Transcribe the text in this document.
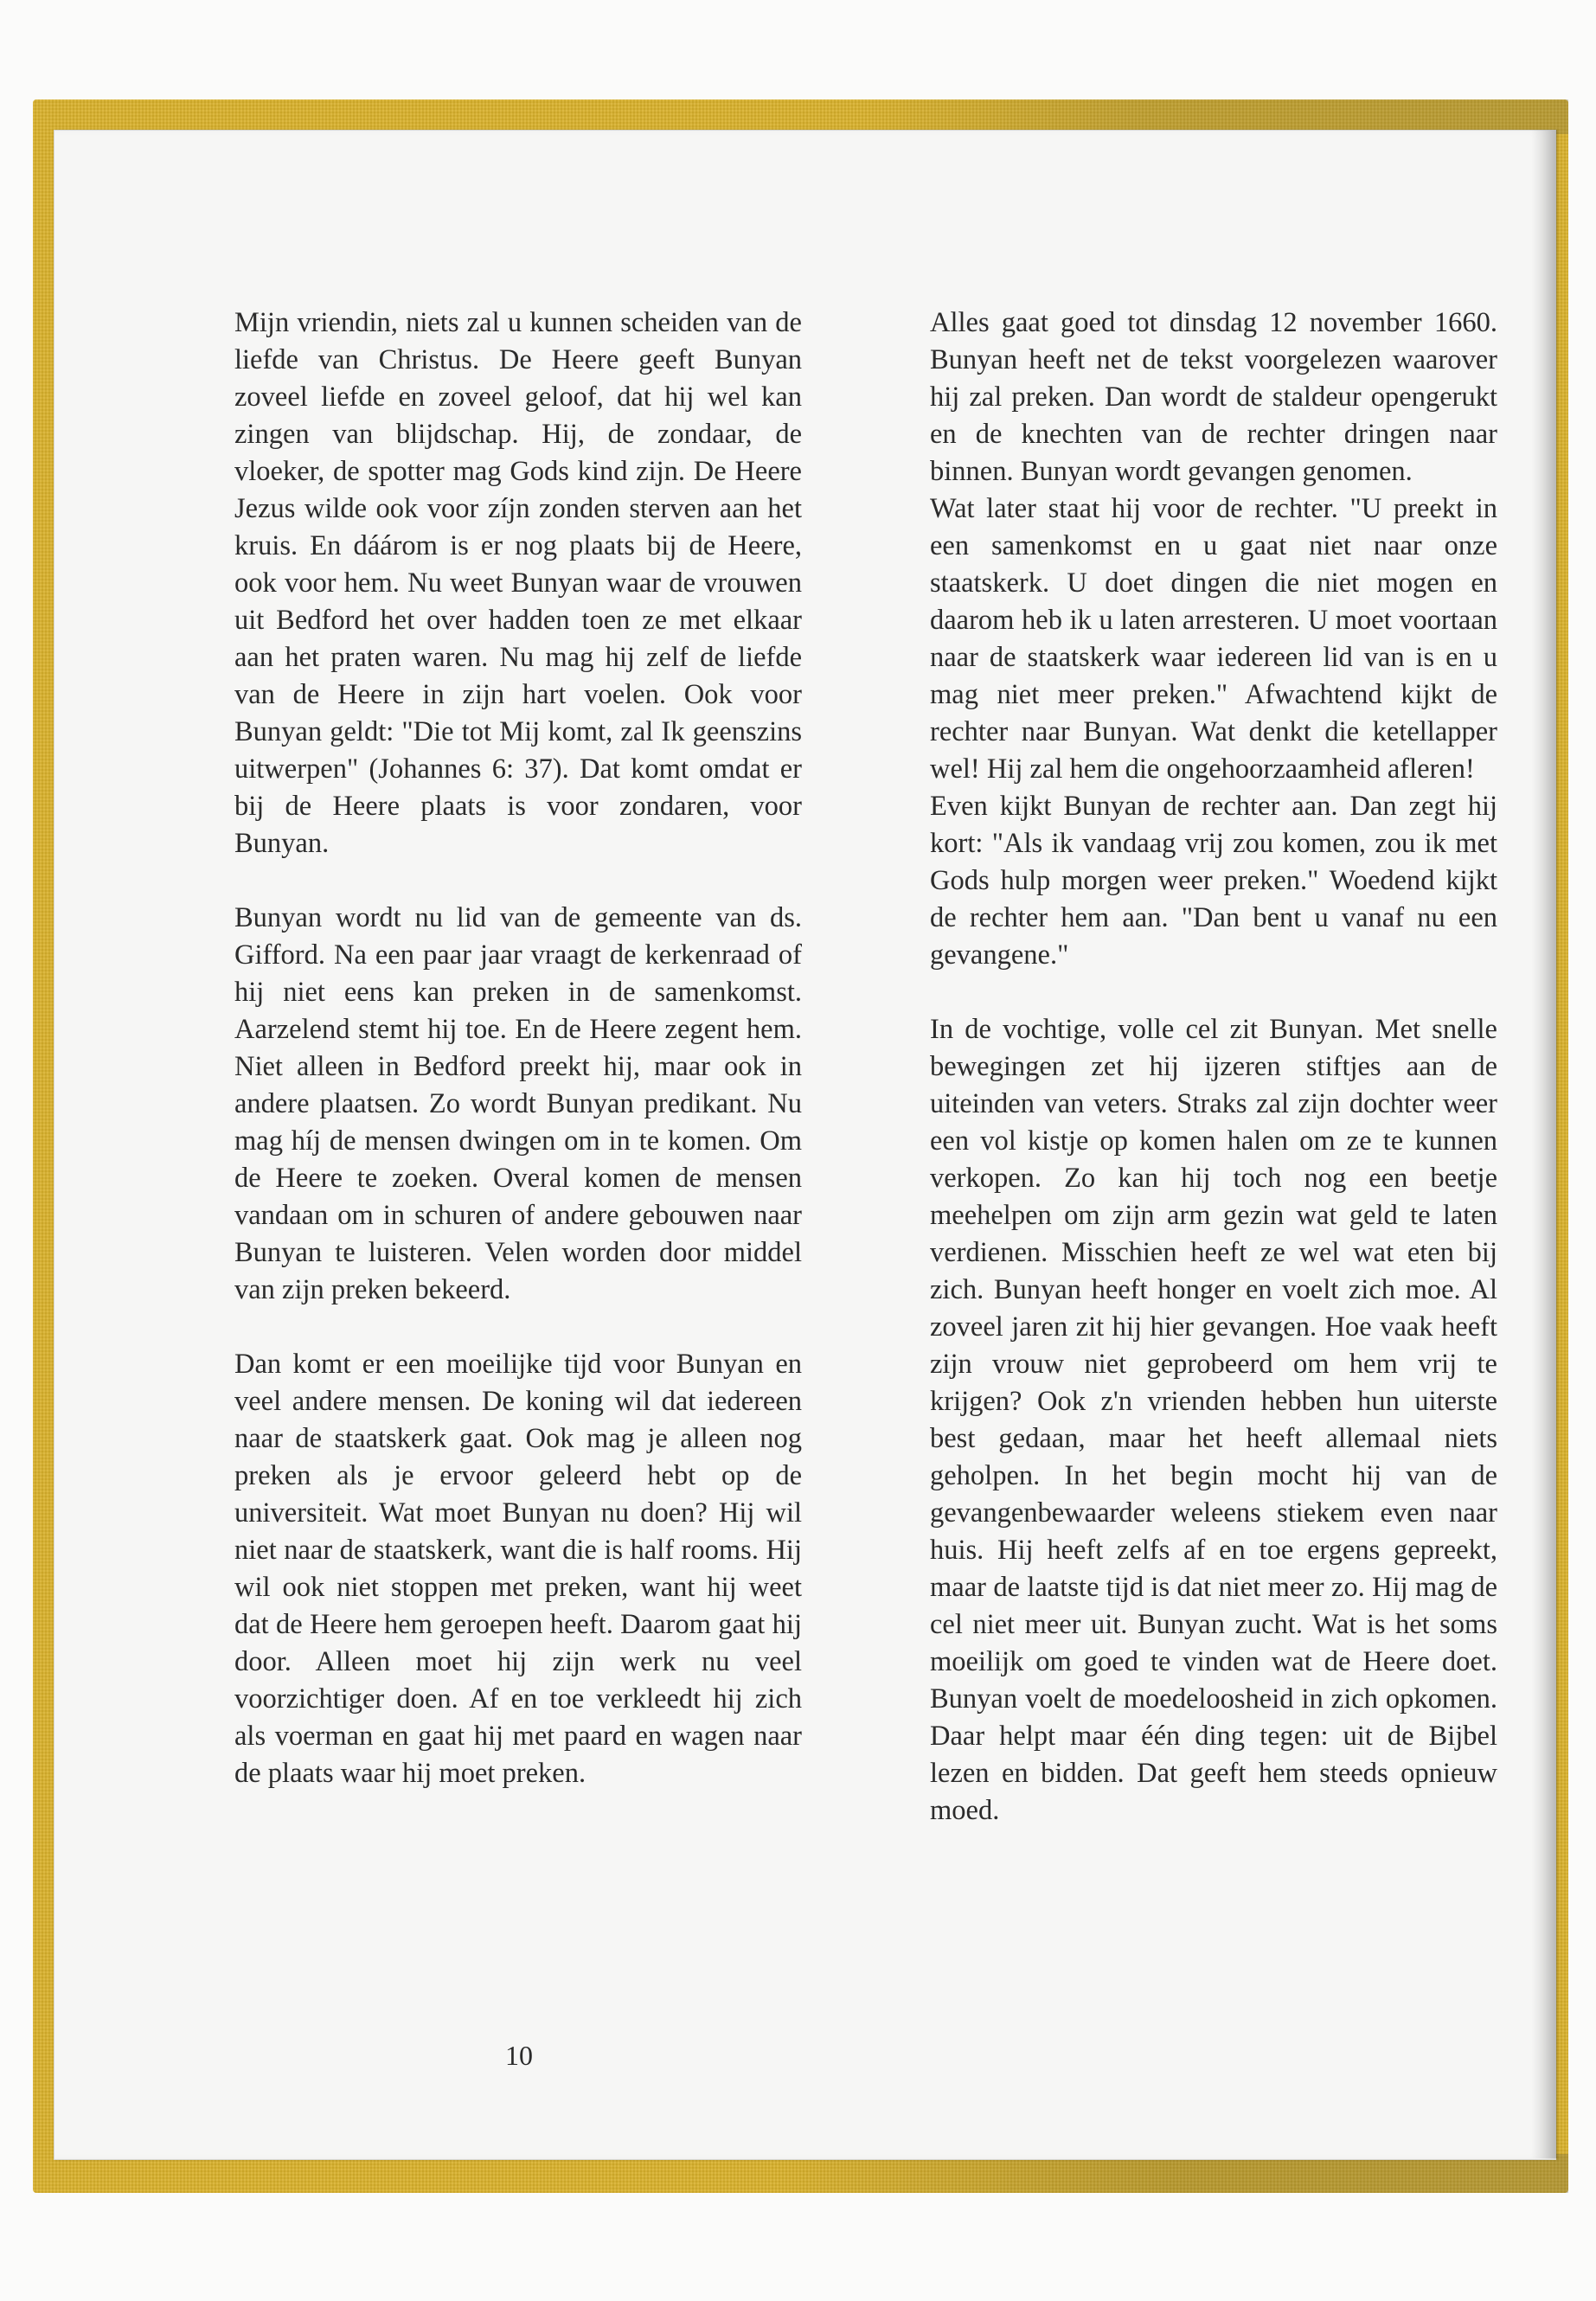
Mijn vriendin, niets zal u kunnen scheiden van de liefde van Christus. De Heere geeft Bunyan zoveel liefde en zoveel geloof, dat hij wel kan zingen van blijdschap. Hij, de zondaar, de vloeker, de spotter mag Gods kind zijn. De Heere Jezus wilde ook voor zíjn zonden sterven aan het kruis. En dáárom is er nog plaats bij de Heere, ook voor hem. Nu weet Bunyan waar de vrouwen uit Bedford het over hadden toen ze met elkaar aan het praten waren. Nu mag hij zelf de liefde van de Heere in zijn hart voelen. Ook voor Bunyan geldt: "Die tot Mij komt, zal Ik geenszins uitwerpen" (Johannes 6: 37). Dat komt omdat er bij de Heere plaats is voor zondaren, voor Bunyan.

Bunyan wordt nu lid van de gemeente van ds. Gifford. Na een paar jaar vraagt de kerkenraad of hij niet eens kan preken in de samenkomst. Aarzelend stemt hij toe. En de Heere zegent hem. Niet alleen in Bedford preekt hij, maar ook in andere plaatsen. Zo wordt Bunyan predikant. Nu mag híj de mensen dwingen om in te komen. Om de Heere te zoeken. Overal komen de mensen vandaan om in schuren of andere gebouwen naar Bunyan te luisteren. Velen worden door middel van zijn preken bekeerd.

Dan komt er een moeilijke tijd voor Bunyan en veel andere mensen. De koning wil dat iedereen naar de staatskerk gaat. Ook mag je alleen nog preken als je ervoor geleerd hebt op de universiteit. Wat moet Bunyan nu doen? Hij wil niet naar de staatskerk, want die is half rooms. Hij wil ook niet stoppen met preken, want hij weet dat de Heere hem geroepen heeft. Daarom gaat hij door. Alleen moet hij zijn werk nu veel voorzichtiger doen. Af en toe verkleedt hij zich als voerman en gaat hij met paard en wagen naar de plaats waar hij moet preken.

Alles gaat goed tot dinsdag 12 november 1660. Bunyan heeft net de tekst voorgelezen waarover hij zal preken. Dan wordt de staldeur opengerukt en de knechten van de rechter dringen naar binnen. Bunyan wordt gevangen genomen.

Wat later staat hij voor de rechter. "U preekt in een samenkomst en u gaat niet naar onze staatskerk. U doet dingen die niet mogen en daarom heb ik u laten arresteren. U moet voortaan naar de staatskerk waar iedereen lid van is en u mag niet meer preken." Afwachtend kijkt de rechter naar Bunyan. Wat denkt die ketellapper wel! Hij zal hem die ongehoorzaamheid afleren!

Even kijkt Bunyan de rechter aan. Dan zegt hij kort: "Als ik vandaag vrij zou komen, zou ik met Gods hulp morgen weer preken." Woedend kijkt de rechter hem aan. "Dan bent u vanaf nu een gevangene."

In de vochtige, volle cel zit Bunyan. Met snelle bewegingen zet hij ijzeren stiftjes aan de uiteinden van veters. Straks zal zijn dochter weer een vol kistje op komen halen om ze te kunnen verkopen. Zo kan hij toch nog een beetje meehelpen om zijn arm gezin wat geld te laten verdienen. Misschien heeft ze wel wat eten bij zich. Bunyan heeft honger en voelt zich moe. Al zoveel jaren zit hij hier gevangen. Hoe vaak heeft zijn vrouw niet geprobeerd om hem vrij te krijgen? Ook z'n vrienden hebben hun uiterste best gedaan, maar het heeft allemaal niets geholpen. In het begin mocht hij van de gevangenbewaarder weleens stiekem even naar huis. Hij heeft zelfs af en toe ergens gepreekt, maar de laatste tijd is dat niet meer zo. Hij mag de cel niet meer uit. Bunyan zucht. Wat is het soms moeilijk om goed te vinden wat de Heere doet. Bunyan voelt de moedeloosheid in zich opkomen. Daar helpt maar één ding tegen: uit de Bijbel lezen en bidden. Dat geeft hem steeds opnieuw moed.

10
